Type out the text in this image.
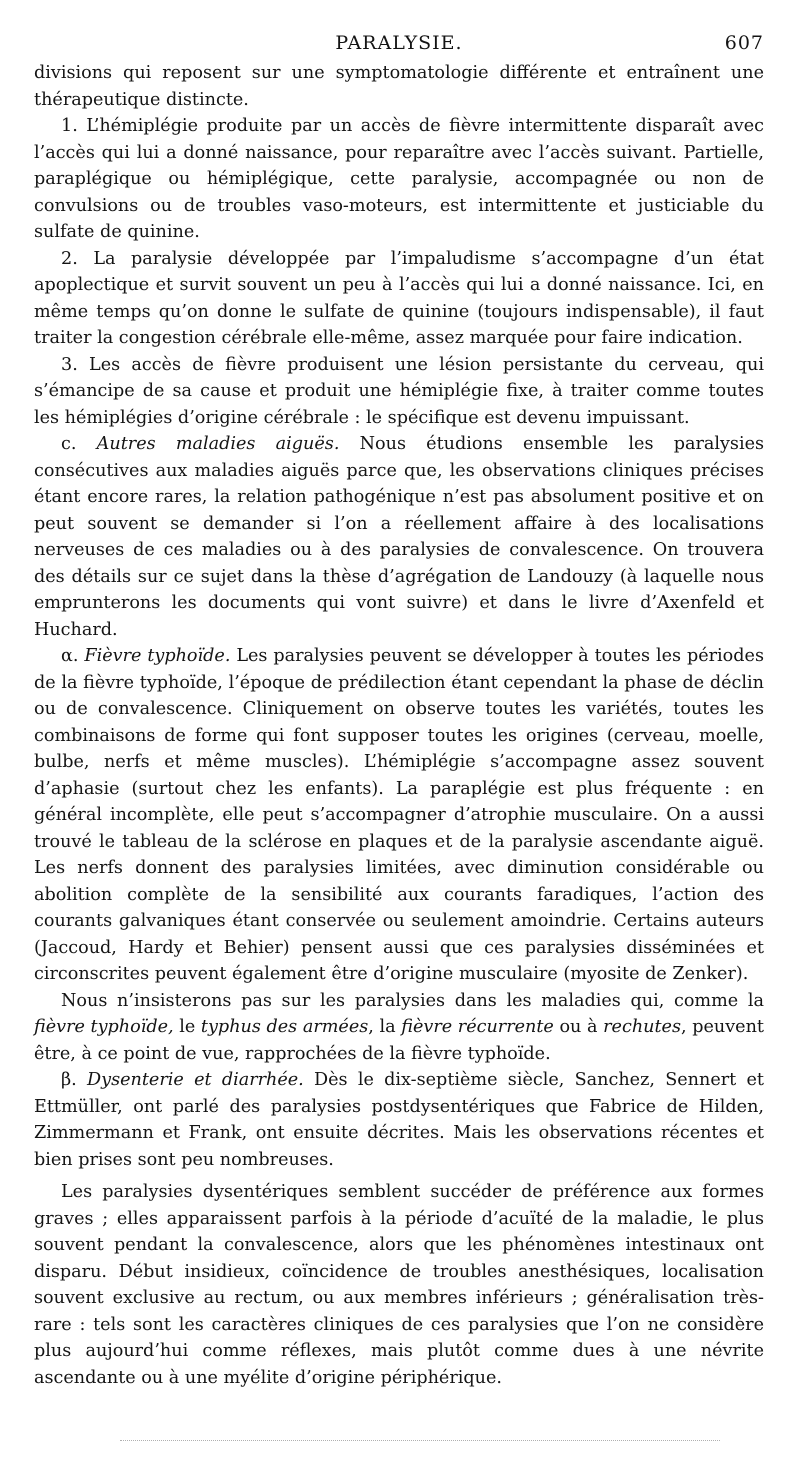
PARALYSIE.	607

divisions qui reposent sur une symptomatologie différente et entraînent une thérapeutique distincte.

1. L’hémiplégie produite par un accès de fièvre intermittente disparaît avec l’accès qui lui a donné naissance, pour reparaître avec l’accès suivant. Partielle, paraplégique ou hémiplégique, cette paralysie, accompagnée ou non de convulsions ou de troubles vaso-moteurs, est intermittente et justiciable du sulfate de quinine.

2. La paralysie développée par l’impaludisme s’accompagne d’un état apoplectique et survit souvent un peu à l’accès qui lui a donné naissance. Ici, en même temps qu’on donne le sulfate de quinine (toujours indispensable), il faut traiter la congestion cérébrale elle-même, assez marquée pour faire indication.

3. Les accès de fièvre produisent une lésion persistante du cerveau, qui s’émancipe de sa cause et produit une hémiplégie fixe, à traiter comme toutes les hémiplégies d’origine cérébrale : le spécifique est devenu impuissant.

c. Autres maladies aiguës. Nous étudions ensemble les paralysies consécutives aux maladies aiguës parce que, les observations cliniques précises étant encore rares, la relation pathogénique n’est pas absolument positive et on peut souvent se demander si l’on a réellement affaire à des localisations nerveuses de ces maladies ou à des paralysies de convalescence. On trouvera des détails sur ce sujet dans la thèse d’agrégation de Landouzy (à laquelle nous emprunterons les documents qui vont suivre) et dans le livre d’Axenfeld et Huchard.

α. Fièvre typhoïde. Les paralysies peuvent se développer à toutes les périodes de la fièvre typhoïde, l’époque de prédilection étant cependant la phase de déclin ou de convalescence. Cliniquement on observe toutes les variétés, toutes les combinaisons de forme qui font supposer toutes les origines (cerveau, moelle, bulbe, nerfs et même muscles). L’hémiplégie s’accompagne assez souvent d’aphasie (surtout chez les enfants). La paraplégie est plus fréquente : en général incomplète, elle peut s’accompagner d’atrophie musculaire. On a aussi trouvé le tableau de la sclérose en plaques et de la paralysie ascendante aiguë. Les nerfs donnent des paralysies limitées, avec diminution considérable ou abolition complète de la sensibilité aux courants faradiques, l’action des courants galvaniques étant conservée ou seulement amoindrie. Certains auteurs (Jaccoud, Hardy et Behier) pensent aussi que ces paralysies disséminées et circonscrites peuvent également être d’origine musculaire (myosite de Zenker).

Nous n’insisterons pas sur les paralysies dans les maladies qui, comme la fièvre typhoïde, le typhus des armées, la fièvre récurrente ou à rechutes, peuvent être, à ce point de vue, rapprochées de la fièvre typhoïde.

β. Dysenterie et diarrhée. Dès le dix-septième siècle, Sanchez, Sennert et Ettmüller, ont parlé des paralysies postdysentériques que Fabrice de Hilden, Zimmermann et Frank, ont ensuite décrites. Mais les observations récentes et bien prises sont peu nombreuses.

Les paralysies dysentériques semblent succéder de préférence aux formes graves ; elles apparaissent parfois à la période d’acuïté de la maladie, le plus souvent pendant la convalescence, alors que les phénomènes intestinaux ont disparu. Début insidieux, coïncidence de troubles anesthésiques, localisation souvent exclusive au rectum, ou aux membres inférieurs ; généralisation très-rare : tels sont les caractères cliniques de ces paralysies que l’on ne considère plus aujourd’hui comme réflexes, mais plutôt comme dues à une névrite ascendante ou à une myélite d’origine périphérique.
